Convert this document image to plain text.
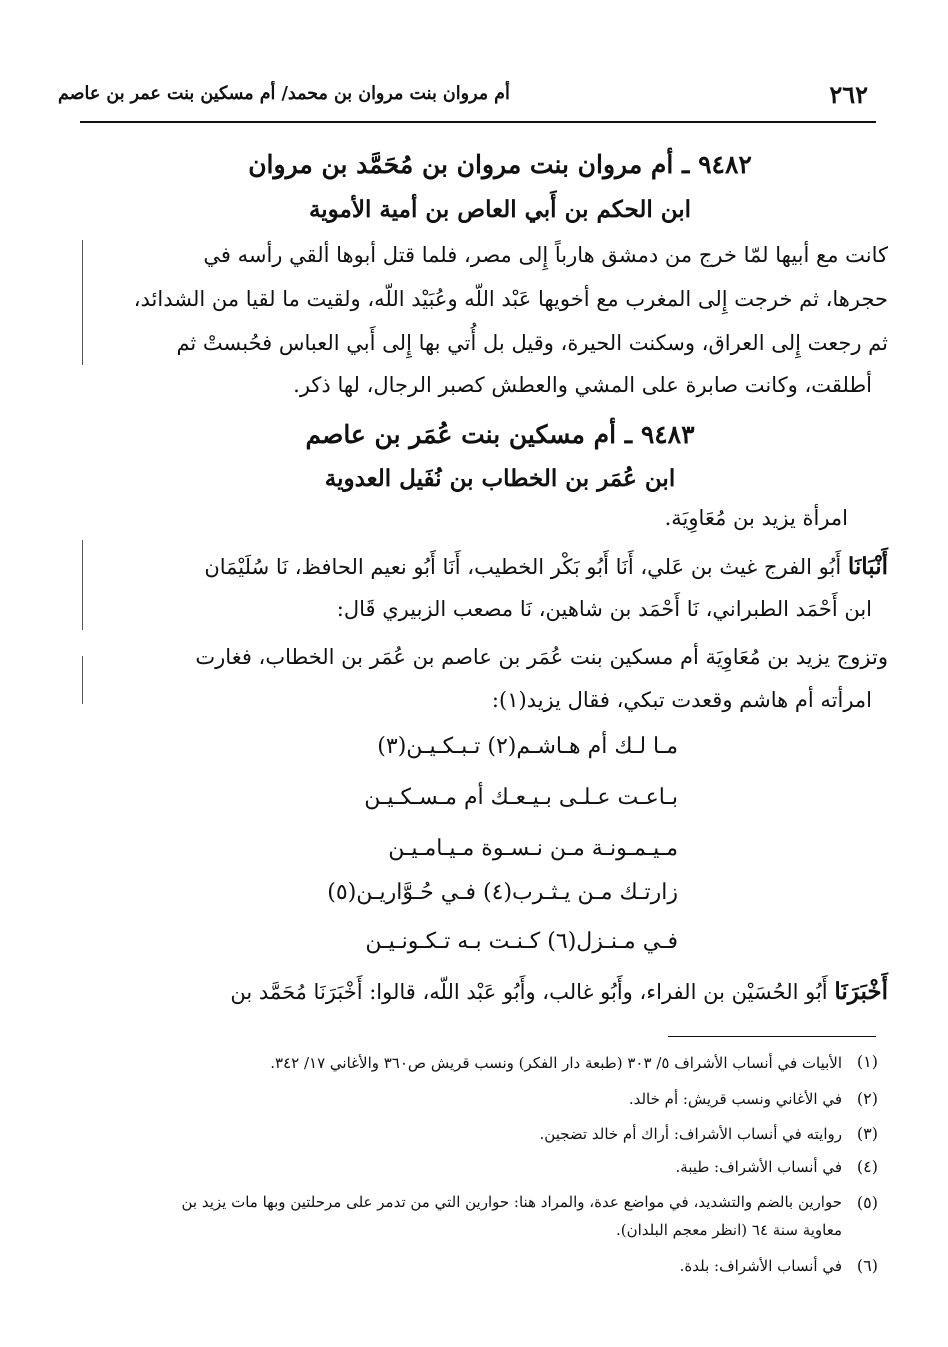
٢٦٢
أم مروان بنت مروان بن محمد/ أم مسكين بنت عمر بن عاصم
٩٤٨٢ ـ أم مروان بنت مروان بن مُحَمَّد بن مروان
ابن الحكم بن أَبي العاص بن أمية الأموية
كانت مع أبيها لمّا خرج من دمشق هارباً إِلى مصر، فلما قتل أبوها ألقي رأسه في
حجرها، ثم خرجت إِلى المغرب مع أخويها عَبْد اللّه وعُبَيْد اللّه، ولقيت ما لقيا من الشدائد،
ثم رجعت إِلى العراق، وسكنت الحيرة، وقيل بل أُتي بها إِلى أَبي العباس فحُبستْ ثم
أطلقت، وكانت صابرة على المشي والعطش كصبر الرجال، لها ذكر.
٩٤٨٣ ـ أم مسكين بنت عُمَر بن عاصم
ابن عُمَر بن الخطاب بن نُفَيل العدوية
امرأة يزيد بن مُعَاوِيَة.
أَنْبَانَا أَبُو الفرج غيث بن عَلي، أَنَا أَبُو بَكْر الخطيب، أَنَا أَبُو نعيم الحافظ، نَا سُلَيْمَان
ابن أَحْمَد الطبراني، نَا أَحْمَد بن شاهين، نَا مصعب الزبيري قَال:
وتزوج يزيد بن مُعَاوِيَة أم مسكين بنت عُمَر بن عاصم بن عُمَر بن الخطاب، فغارت
امرأته أم هاشم وقعدت تبكي، فقال يزيد(١):
مـا لـك أم هـاشـم(٢) تـبـكـيـن(٣)
بـاعـت عـلـى بـيـعـك أم مـسـكـيـن
مـيـمـونـة مـن نـسـوة مـيـامـيـن
زارتـك مـن يـثـرب(٤) فـي حُـوَّاريـن(٥)
فـي مـنـزل(٦) كـنـت بـه تـكـونـيـن
أَخْبَرَنَا أَبُو الحُسَيْن بن الفراء، وأَبُو غالب، وأَبُو عَبْد اللّه، قالوا: أَخْبَرَنَا مُحَمَّد بن
(١)
الأبيات في أنساب الأشراف ٥/ ٣٠٣ (طبعة دار الفكر) ونسب قريش ص٣٦٠ والأغاني ١٧/ ٣٤٢.
(٢)
في الأغاني ونسب قريش: أم خالد.
(٣)
روايته في أنساب الأشراف: أراك أم خالد تضجين.
(٤)
في أنساب الأشراف: طيبة.
(٥)
حوارين بالضم والتشديد، في مواضع عدة، والمراد هنا: حوارين التي من تدمر على مرحلتين وبها مات يزيد بن
معاوية سنة ٦٤ (انظر معجم البلدان).
(٦)
في أنساب الأشراف: بلدة.
